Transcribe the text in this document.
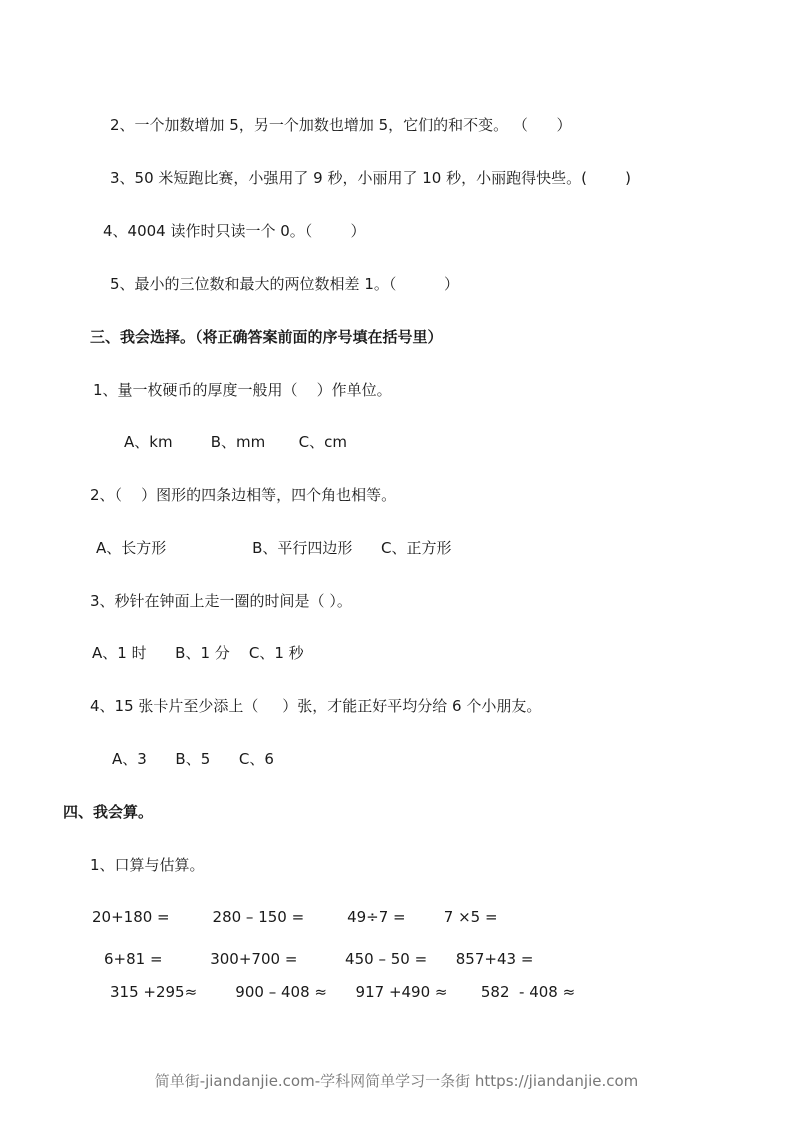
2、一个加数增加 5，另一个加数也增加 5，它们的和不变。 （      ）
3、50 米短跑比赛，小强用了 9 秒，小丽用了 10 秒，小丽跑得快些。(        )
4、4004 读作时只读一个 0。（        ）
5、最小的三位数和最大的两位数相差 1。（          ）
三、我会选择。（将正确答案前面的序号填在括号里）
1、量一枚硬币的厚度一般用（    ）作单位。
A、km        B、mm       C、cm
2、（    ）图形的四条边相等，四个角也相等。
A、长方形                  B、平行四边形      C、正方形
3、秒针在钟面上走一圈的时间是（ ）。
A、1 时      B、1 分    C、1 秒
4、15 张卡片至少添上（     ）张，才能正好平均分给 6 个小朋友。
A、3      B、5      C、6
四、我会算。
1、口算与估算。
20+180 =         280 – 150 =         49÷7 =        7 ×5 =
6+81 =          300+700 =          450 – 50 =      857+43 =
315 +295≈        900 – 408 ≈      917 +490 ≈       582  - 408 ≈
简单街-jiandanjie.com-学科网简单学习一条街 https://jiandanjie.com
